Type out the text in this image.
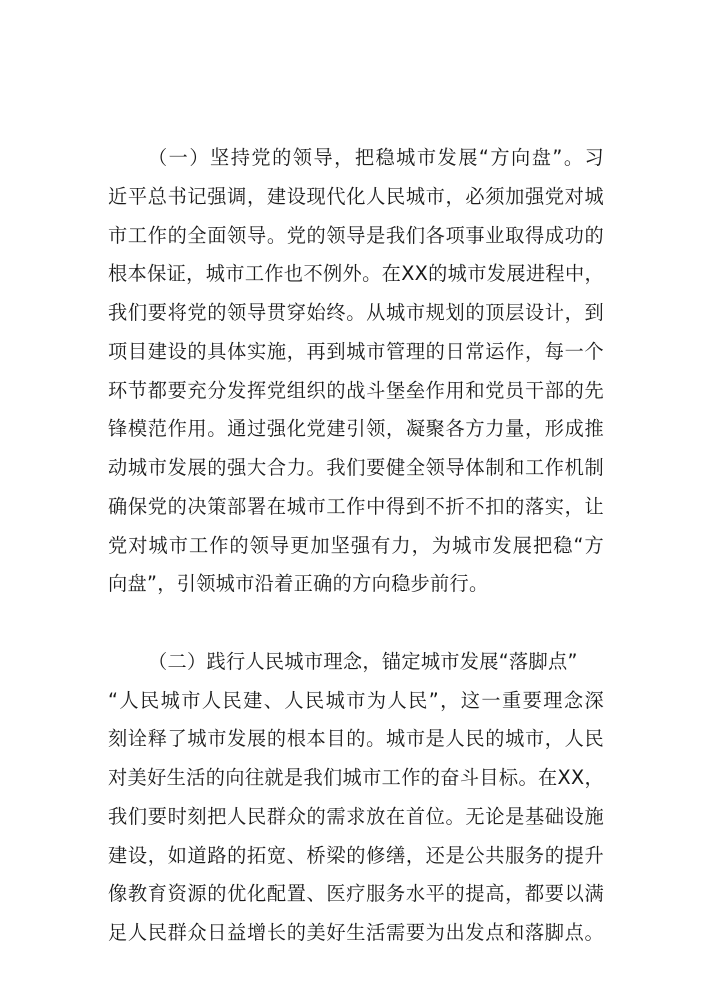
（一）坚持党的领导，把稳城市发展“方向盘”。习
近平总书记强调，建设现代化人民城市，必须加强党对城
市工作的全面领导。党的领导是我们各项事业取得成功的
根本保证，城市工作也不例外。在XX的城市发展进程中，
我们要将党的领导贯穿始终。从城市规划的顶层设计，到
项目建设的具体实施，再到城市管理的日常运作，每一个
环节都要充分发挥党组织的战斗堡垒作用和党员干部的先
锋模范作用。通过强化党建引领，凝聚各方力量，形成推
动城市发展的强大合力。我们要健全领导体制和工作机制
确保党的决策部署在城市工作中得到不折不扣的落实，让
党对城市工作的领导更加坚强有力，为城市发展把稳“方
向盘”，引领城市沿着正确的方向稳步前行。
（二）践行人民城市理念，锚定城市发展“落脚点”
“人民城市人民建、人民城市为人民”，这一重要理念深
刻诠释了城市发展的根本目的。城市是人民的城市，人民
对美好生活的向往就是我们城市工作的奋斗目标。在XX，
我们要时刻把人民群众的需求放在首位。无论是基础设施
建设，如道路的拓宽、桥梁的修缮，还是公共服务的提升
像教育资源的优化配置、医疗服务水平的提高，都要以满
足人民群众日益增长的美好生活需要为出发点和落脚点。
